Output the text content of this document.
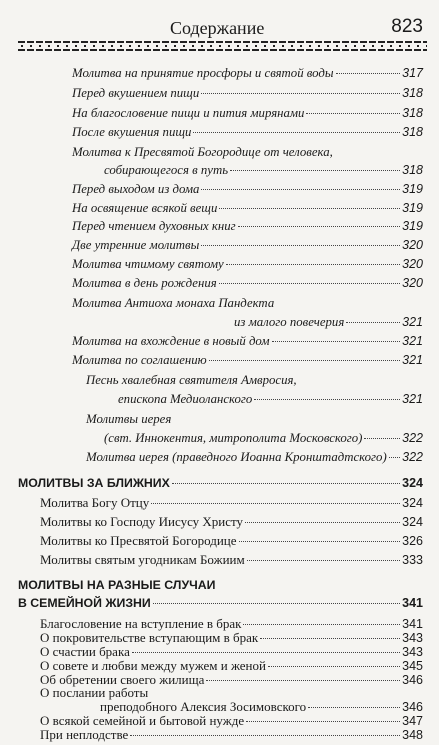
Содержание	823
Молитва на принятие просфоры и святой воды	317
Перед вкушением пищи	318
На благословение пищи и пития мирянами	318
После вкушения пищи	318
Молитва к Пресвятой Богородице от человека,
собирающегося в путь	318
Перед выходом из дома	319
На освящение всякой вещи	319
Перед чтением духовных книг	319
Две утренние молитвы	320
Молитва чтимому святому	320
Молитва в день рождения	320
Молитва Антиоха монаха Пандекта
из малого повечерия	321
Молитва на вхождение в новый дом	321
Молитва по соглашению	321
Песнь хвалебная святителя Амвросия,
епископа Медиоланского	321
Молитвы иерея
(свт. Иннокентия, митрополита Московского)	322
Молитва иерея (праведного Иоанна Кронштадтского) 322
МОЛИТВЫ ЗА БЛИЖНИХ	324
Молитва Богу Отцу	324
Молитвы ко Господу Иисусу Христу	324
Молитвы ко Пресвятой Богородице	326
Молитвы святым угодникам Божиим	333
МОЛИТВЫ НА РАЗНЫЕ СЛУЧАИ
В СЕМЕЙНОЙ ЖИЗНИ	341
Благословение на вступление в брак	341
О покровительстве вступающим в брак	343
О счастии брака	343
О совете и любви между мужем и женой	345
Об обретении своего жилища	346
О послании работы
преподобного Алексия Зосимовского	346
О всякой семейной и бытовой нужде	347
При неплодстве	348
